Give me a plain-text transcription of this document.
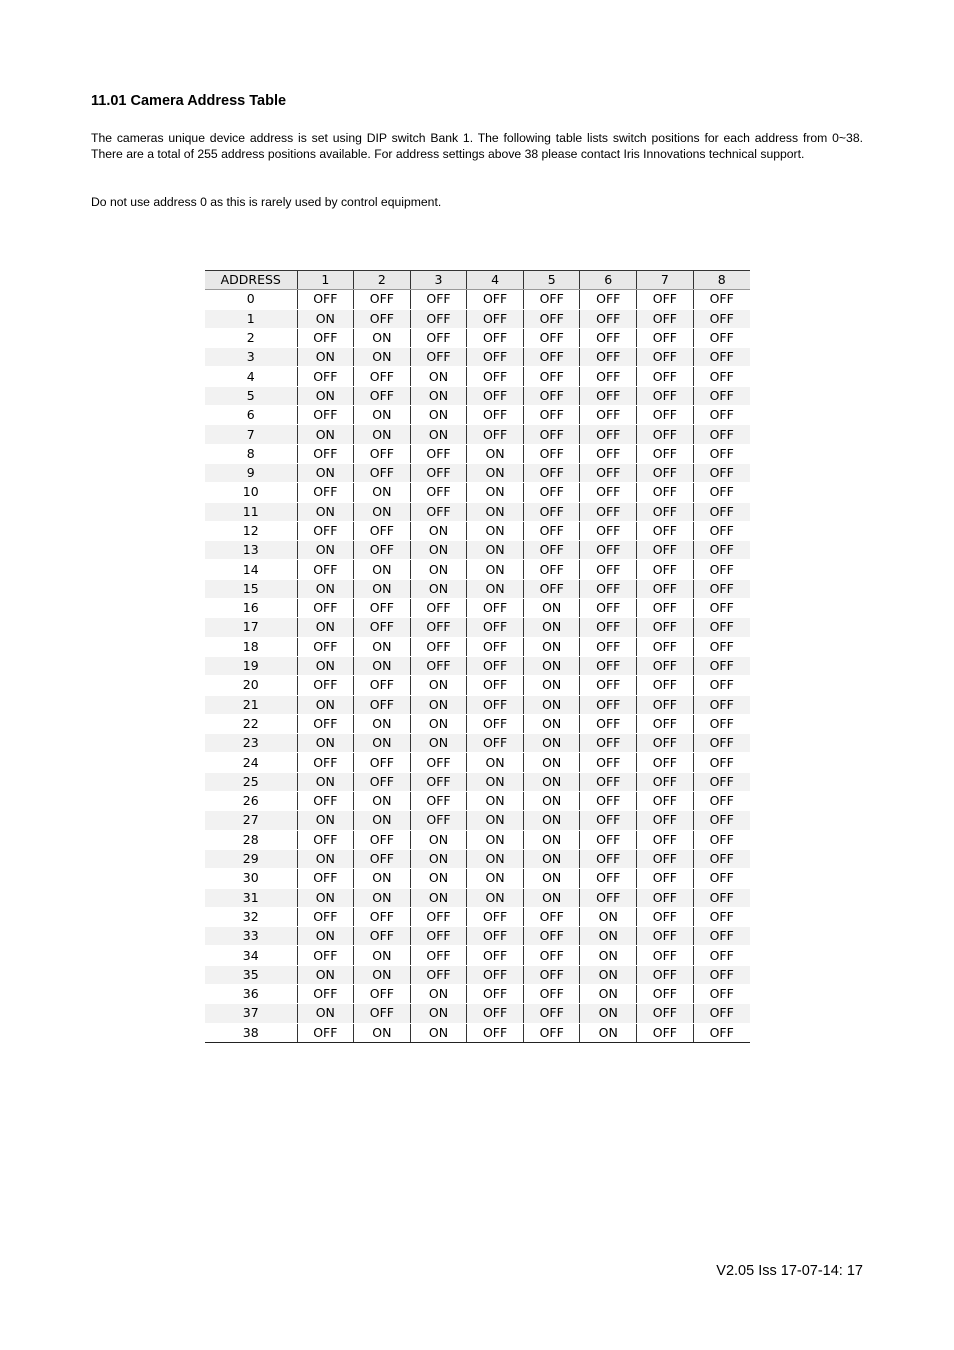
11.01 Camera Address Table

The cameras unique device address is set using DIP switch Bank 1. The following table lists switch positions for each address from 0~38. There are a total of 255 address positions available. For address settings above 38 please contact Iris Innovations technical support.

Do not use address 0 as this is rarely used by control equipment.

ADDRESS	1	2	3	4	5	6	7	8
0	OFF	OFF	OFF	OFF	OFF	OFF	OFF	OFF
1	ON	OFF	OFF	OFF	OFF	OFF	OFF	OFF
2	OFF	ON	OFF	OFF	OFF	OFF	OFF	OFF
3	ON	ON	OFF	OFF	OFF	OFF	OFF	OFF
4	OFF	OFF	ON	OFF	OFF	OFF	OFF	OFF
5	ON	OFF	ON	OFF	OFF	OFF	OFF	OFF
6	OFF	ON	ON	OFF	OFF	OFF	OFF	OFF
7	ON	ON	ON	OFF	OFF	OFF	OFF	OFF
8	OFF	OFF	OFF	ON	OFF	OFF	OFF	OFF
9	ON	OFF	OFF	ON	OFF	OFF	OFF	OFF
10	OFF	ON	OFF	ON	OFF	OFF	OFF	OFF
11	ON	ON	OFF	ON	OFF	OFF	OFF	OFF
12	OFF	OFF	ON	ON	OFF	OFF	OFF	OFF
13	ON	OFF	ON	ON	OFF	OFF	OFF	OFF
14	OFF	ON	ON	ON	OFF	OFF	OFF	OFF
15	ON	ON	ON	ON	OFF	OFF	OFF	OFF
16	OFF	OFF	OFF	OFF	ON	OFF	OFF	OFF
17	ON	OFF	OFF	OFF	ON	OFF	OFF	OFF
18	OFF	ON	OFF	OFF	ON	OFF	OFF	OFF
19	ON	ON	OFF	OFF	ON	OFF	OFF	OFF
20	OFF	OFF	ON	OFF	ON	OFF	OFF	OFF
21	ON	OFF	ON	OFF	ON	OFF	OFF	OFF
22	OFF	ON	ON	OFF	ON	OFF	OFF	OFF
23	ON	ON	ON	OFF	ON	OFF	OFF	OFF
24	OFF	OFF	OFF	ON	ON	OFF	OFF	OFF
25	ON	OFF	OFF	ON	ON	OFF	OFF	OFF
26	OFF	ON	OFF	ON	ON	OFF	OFF	OFF
27	ON	ON	OFF	ON	ON	OFF	OFF	OFF
28	OFF	OFF	ON	ON	ON	OFF	OFF	OFF
29	ON	OFF	ON	ON	ON	OFF	OFF	OFF
30	OFF	ON	ON	ON	ON	OFF	OFF	OFF
31	ON	ON	ON	ON	ON	OFF	OFF	OFF
32	OFF	OFF	OFF	OFF	OFF	ON	OFF	OFF
33	ON	OFF	OFF	OFF	OFF	ON	OFF	OFF
34	OFF	ON	OFF	OFF	OFF	ON	OFF	OFF
35	ON	ON	OFF	OFF	OFF	ON	OFF	OFF
36	OFF	OFF	ON	OFF	OFF	ON	OFF	OFF
37	ON	OFF	ON	OFF	OFF	ON	OFF	OFF
38	OFF	ON	ON	OFF	OFF	ON	OFF	OFF

V2.05 Iss 17-07-14: 17
